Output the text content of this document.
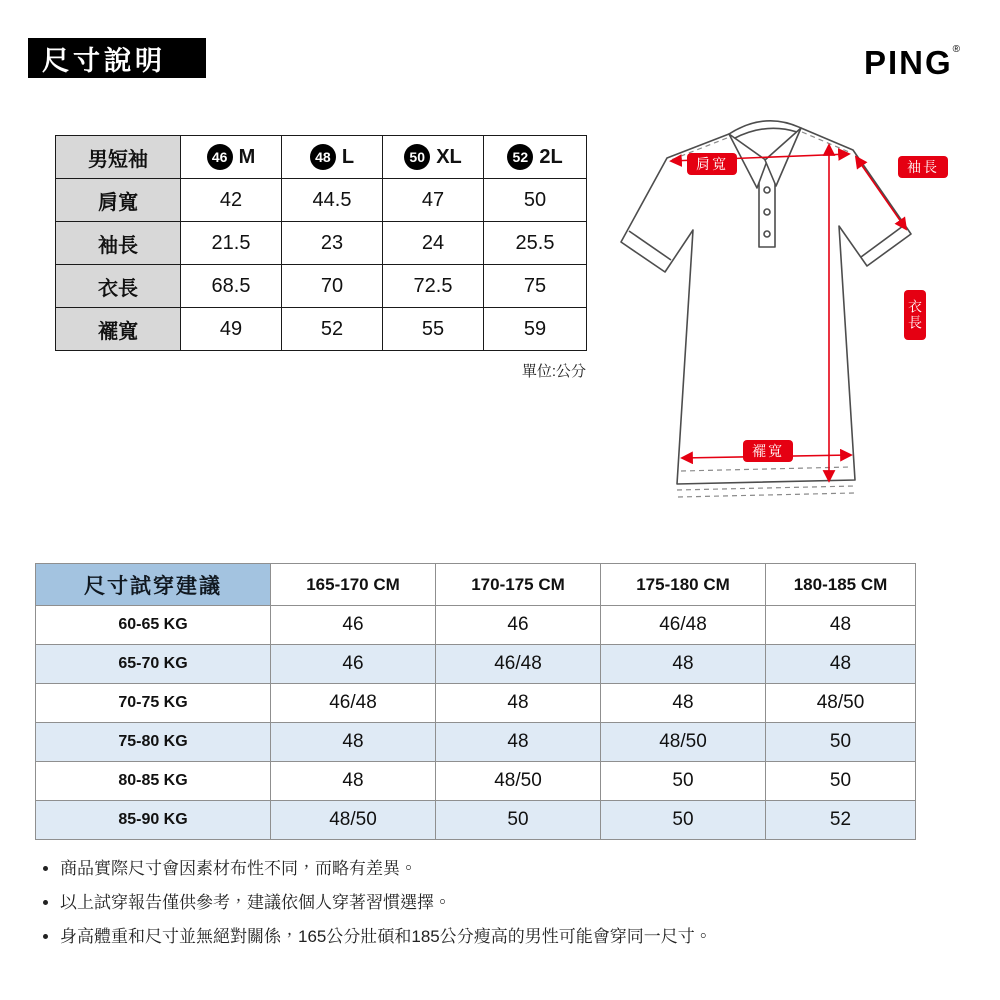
尺寸說明	PING®
男短袖	46 M	48 L	50 XL	52 2L

肩寬	42	44.5	47	50
袖長	21.5	23	24	25.5
衣長	68.5	70	72.5	75
襬寬	49	52	55	59
單位:公分
肩寬	袖長
衣長
襬寬
尺寸試穿建議	165-170 CM	170-175 CM	175-180 CM	180-185 CM
60-65 KG	46	46	46/48	48
65-70 KG	46	46/48	48	48
70-75 KG	46/48	48	48	48/50
75-80 KG	48	48	48/50	50
80-85 KG	48	48/50	50	50
85-90 KG	48/50	50	50	52
• 商品實際尺寸會因素材布性不同，而略有差異。
• 以上試穿報告僅供參考，建議依個人穿著習慣選擇。
• 身高體重和尺寸並無絕對關係，165公分壯碩和185公分瘦高的男性可能會穿同一尺寸。
